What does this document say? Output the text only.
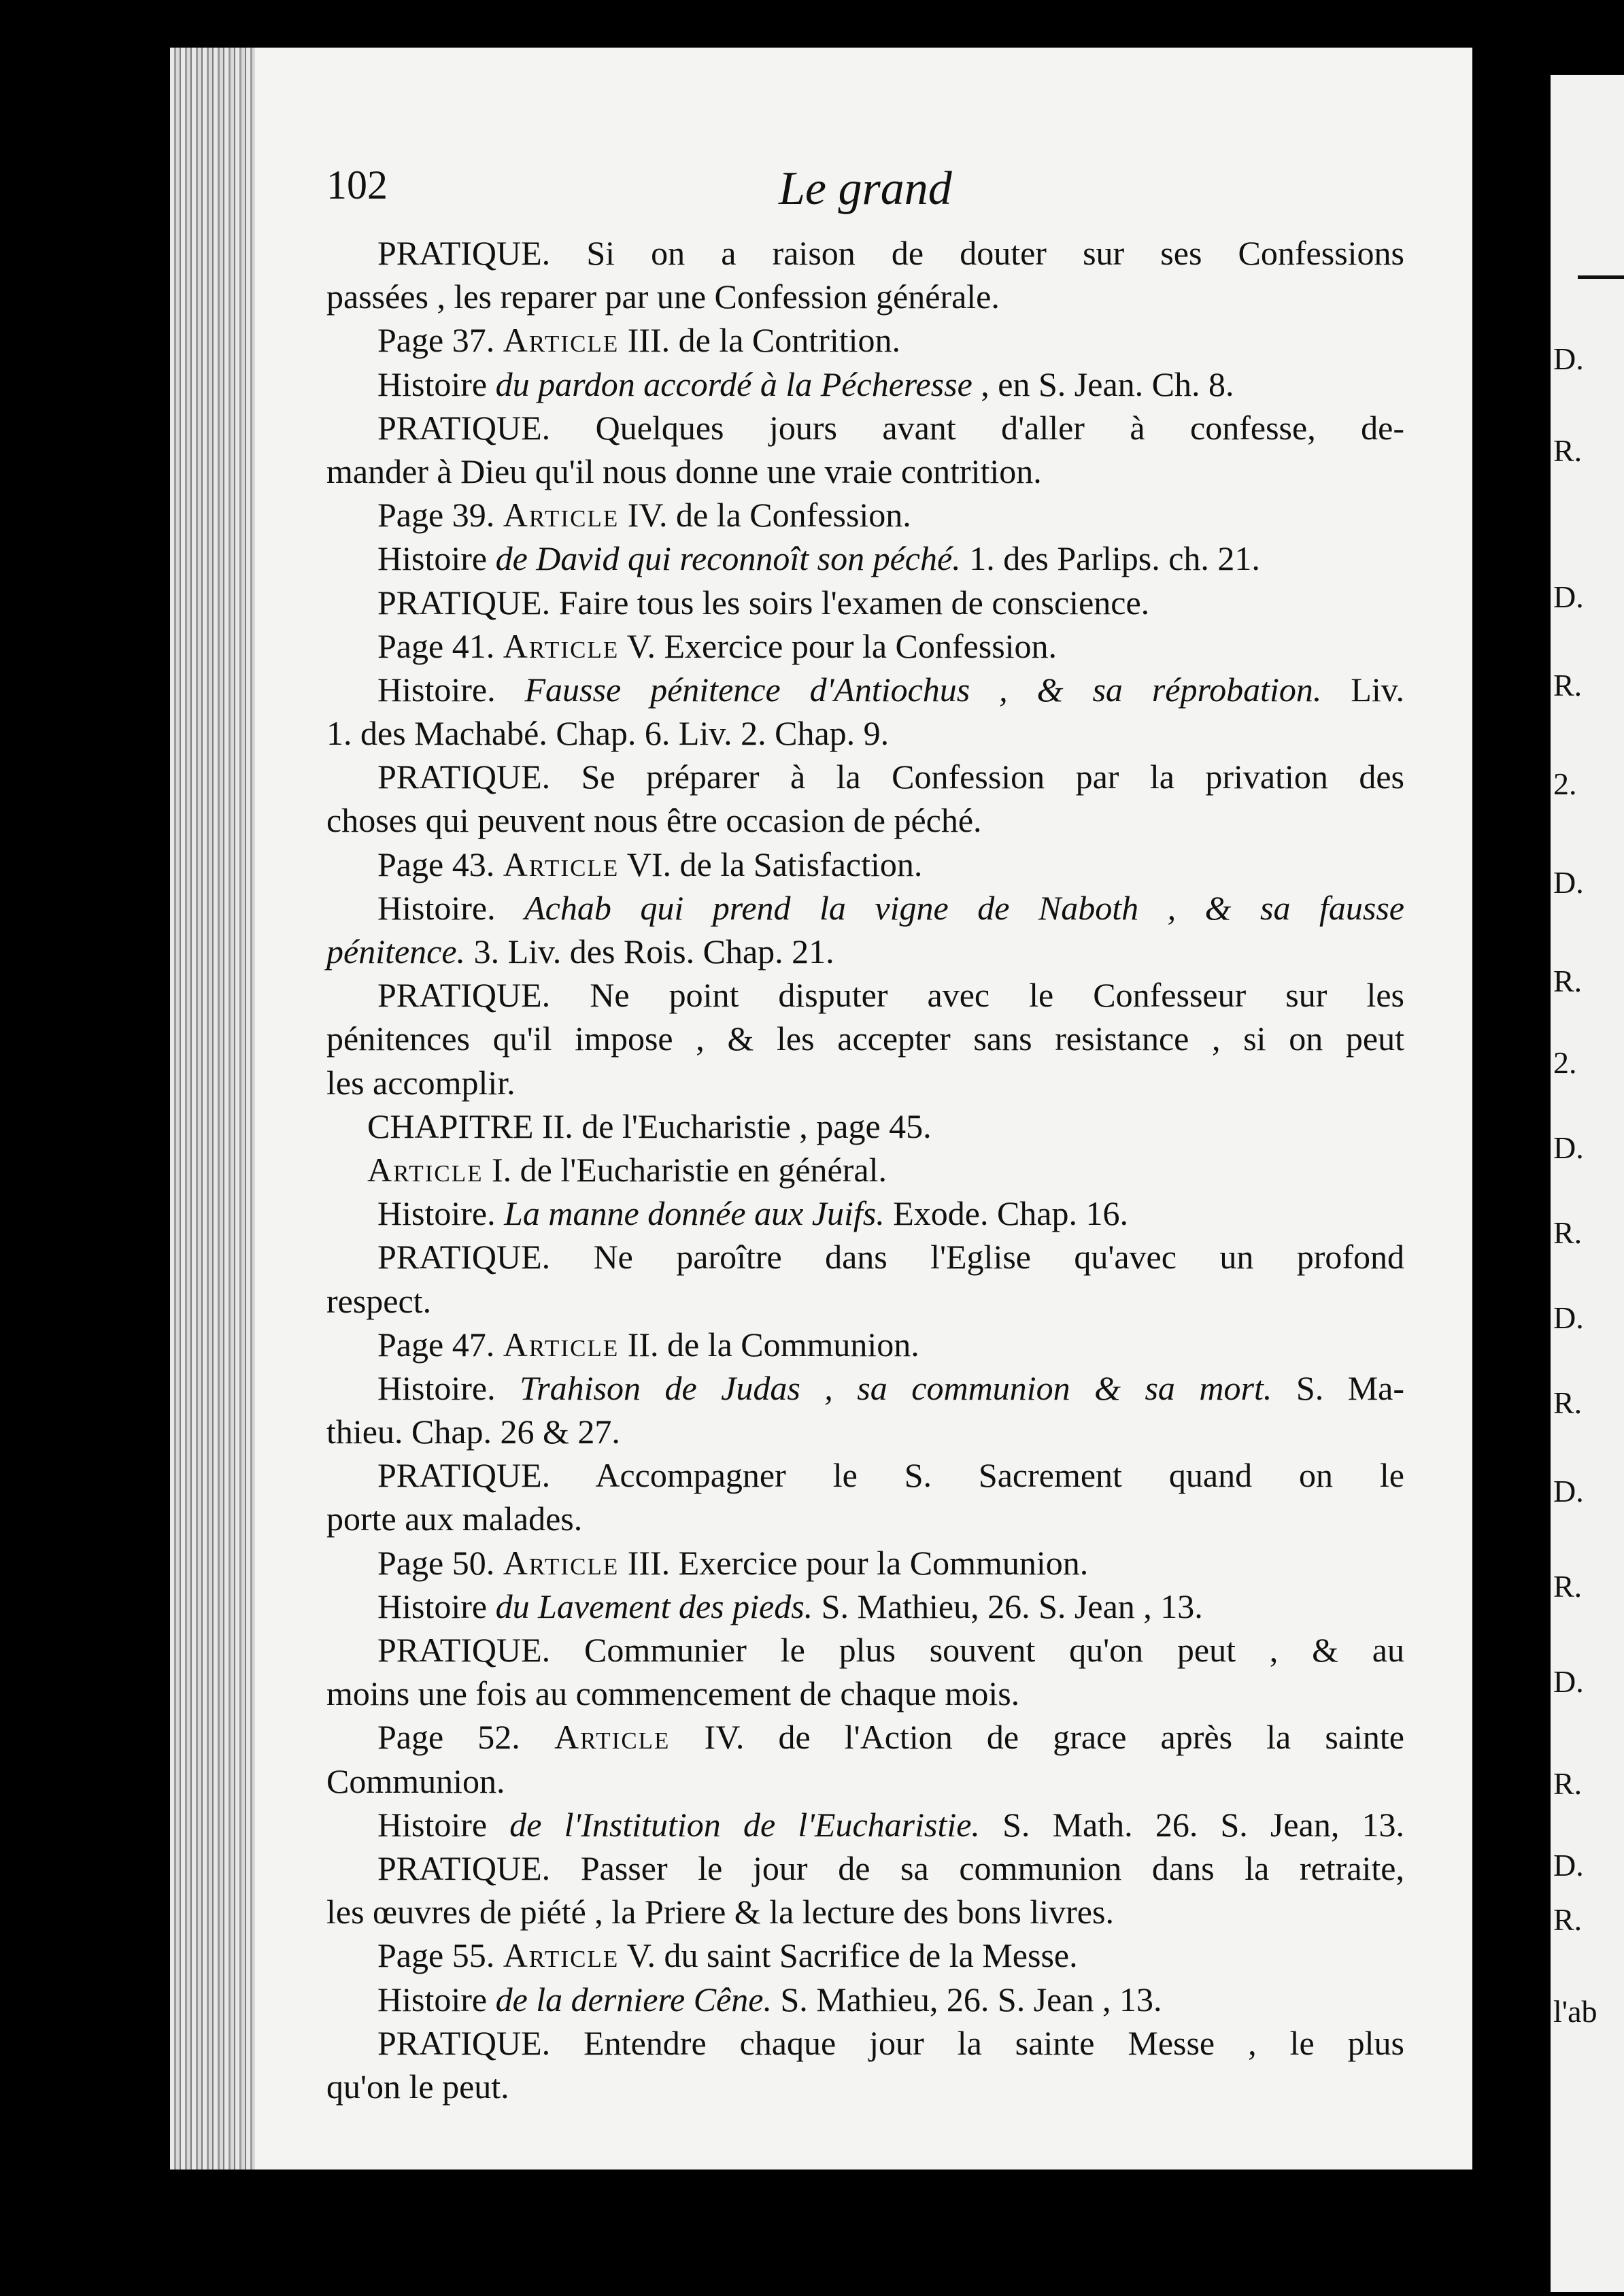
102	Le grand
PRATIQUE. Si on a raison de douter sur ses Confessions
passées , les reparer par une Confession générale.
Page 37. Article III. de la Contrition.
Histoire du pardon accordé à la Pécheresse , en S. Jean. Ch. 8.
PRATIQUE. Quelques jours avant d'aller à confesse, de-
mander à Dieu qu'il nous donne une vraie contrition.
Page 39. Article IV. de la Confession.
Histoire de David qui reconnoît son péché. 1. des Parlips. ch. 21.
PRATIQUE. Faire tous les soirs l'examen de conscience.
Page 41. Article V. Exercice pour la Confession.
Histoire. Fausse pénitence d'Antiochus , & sa réprobation. Liv.
1. des Machabé. Chap. 6. Liv. 2. Chap. 9.
PRATIQUE. Se préparer à la Confession par la privation des
choses qui peuvent nous être occasion de péché.
Page 43. Article VI. de la Satisfaction.
Histoire. Achab qui prend la vigne de Naboth , & sa fausse
pénitence. 3. Liv. des Rois. Chap. 21.
PRATIQUE. Ne point disputer avec le Confesseur sur les
pénitences qu'il impose , & les accepter sans resistance , si on peut
les accomplir.
CHAPITRE II. de l'Eucharistie , page 45.
Article I. de l'Eucharistie en général.
Histoire. La manne donnée aux Juifs. Exode. Chap. 16.
PRATIQUE. Ne paroître dans l'Eglise qu'avec un profond
respect.
Page 47. Article II. de la Communion.
Histoire. Trahison de Judas , sa communion & sa mort. S. Ma-
thieu. Chap. 26 & 27.
PRATIQUE. Accompagner le S. Sacrement quand on le
porte aux malades.
Page 50. Article III. Exercice pour la Communion.
Histoire du Lavement des pieds. S. Mathieu, 26. S. Jean , 13.
PRATIQUE. Communier le plus souvent qu'on peut , & au
moins une fois au commencement de chaque mois.
Page 52. Article IV. de l'Action de grace après la sainte
Communion.
Histoire de l'Institution de l'Eucharistie. S. Math. 26. S. Jean, 13.
PRATIQUE. Passer le jour de sa communion dans la retraite,
les œuvres de piété , la Priere & la lecture des bons livres.
Page 55. Article V. du saint Sacrifice de la Messe.
Histoire de la derniere Cêne. S. Mathieu, 26. S. Jean , 13.
PRATIQUE. Entendre chaque jour la sainte Messe , le plus
qu'on le peut.
D.
R.
D.
R.
2.
D.
R.
2.
D.
R.
D.
R.
D.
R.
D.
R.
D.
R.
l'ab
